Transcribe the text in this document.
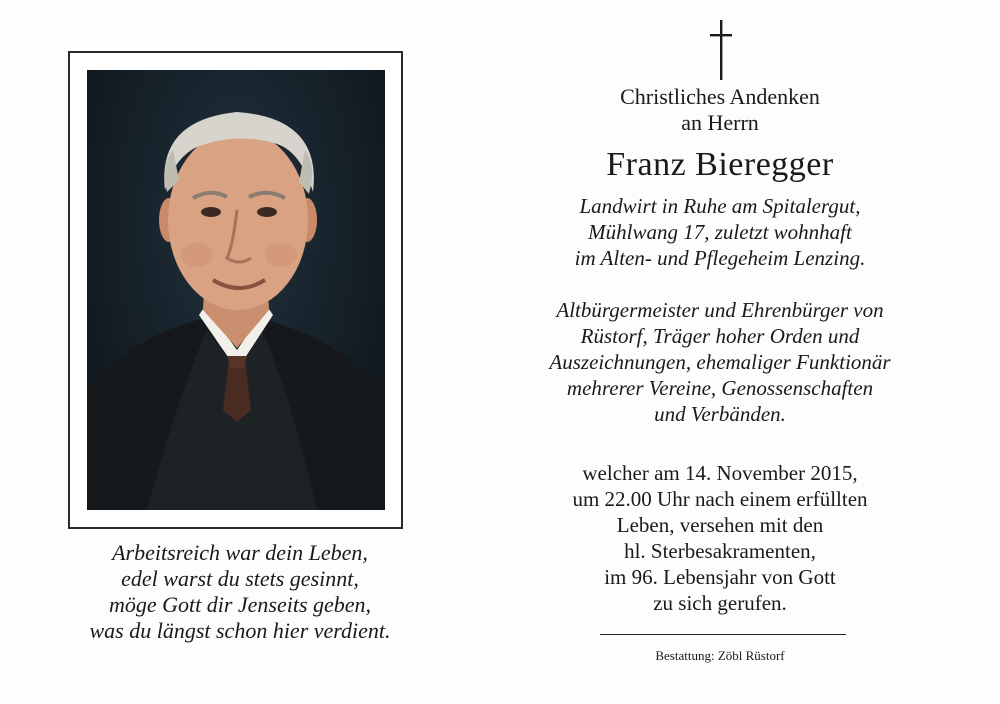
Arbeitsreich war dein Leben,
edel warst du stets gesinnt,
möge Gott dir Jenseits geben,
was du längst schon hier verdient.
Christliches Andenken
an Herrn
Franz Bieregger
Landwirt in Ruhe am Spitalergut,
Mühlwang 17, zuletzt wohnhaft
im Alten- und Pflegeheim Lenzing.
Altbürgermeister und Ehrenbürger von
Rüstorf, Träger hoher Orden und
Auszeichnungen, ehemaliger Funktionär
mehrerer Vereine, Genossenschaften
und Verbänden.
welcher am 14. November 2015,
um 22.00 Uhr nach einem erfüllten
Leben, versehen mit den
hl. Sterbesakramenten,
im 96. Lebensjahr von Gott
zu sich gerufen.
Bestattung: Zöbl Rüstorf
